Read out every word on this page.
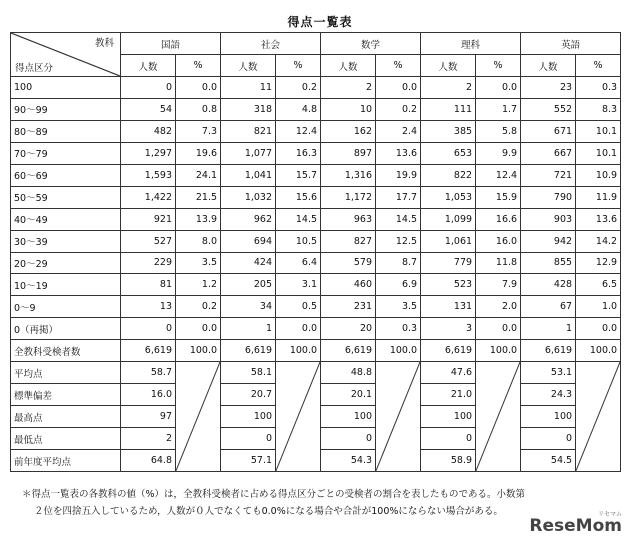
得点一覧表
教科
得点区分	国語		社会		数学		理科		英語	
	人数	%	人数	%	人数	%	人数	%	人数	%
100	0	0.0	11	0.2	2	0.0	2	0.0	23	0.3
90～99	54	0.8	318	4.8	10	0.2	111	1.7	552	8.3
80～89	482	7.3	821	12.4	162	2.4	385	5.8	671	10.1
70～79	1,297	19.6	1,077	16.3	897	13.6	653	9.9	667	10.1
60～69	1,593	24.1	1,041	15.7	1,316	19.9	822	12.4	721	10.9
50～59	1,422	21.5	1,032	15.6	1,172	17.7	1,053	15.9	790	11.9
40～49	921	13.9	962	14.5	963	14.5	1,099	16.6	903	13.6
30～39	527	8.0	694	10.5	827	12.5	1,061	16.0	942	14.2
20～29	229	3.5	424	6.4	579	8.7	779	11.8	855	12.9
10～19	81	1.2	205	3.1	460	6.9	523	7.9	428	6.5
0～9	13	0.2	34	0.5	231	3.5	131	2.0	67	1.0
0（再掲）	0	0.0	1	0.0	20	0.3	3	0.0	1	0.0
全教科受検者数	6,619	100.0	6,619	100.0	6,619	100.0	6,619	100.0	6,619	100.0
平均点	58.7		58.1		48.8		47.6		53.1	

標準偏差	16.0		20.7		20.1		21.0		24.3	
最高点	97		100		100		100		100	
最低点	2		0		0		0		0	
前年度平均点	64.8		57.1		54.3		58.9		54.5	
＊得点一覧表の各教科の値（%）は，全教科受検者に占める得点区分ごとの受検者の割合を表したものである。小数第
２位を四捨五入しているため，人数が０人でなくても0.0%になる場合や合計が100%にならない場合がある。
ReseMom
リセマム
